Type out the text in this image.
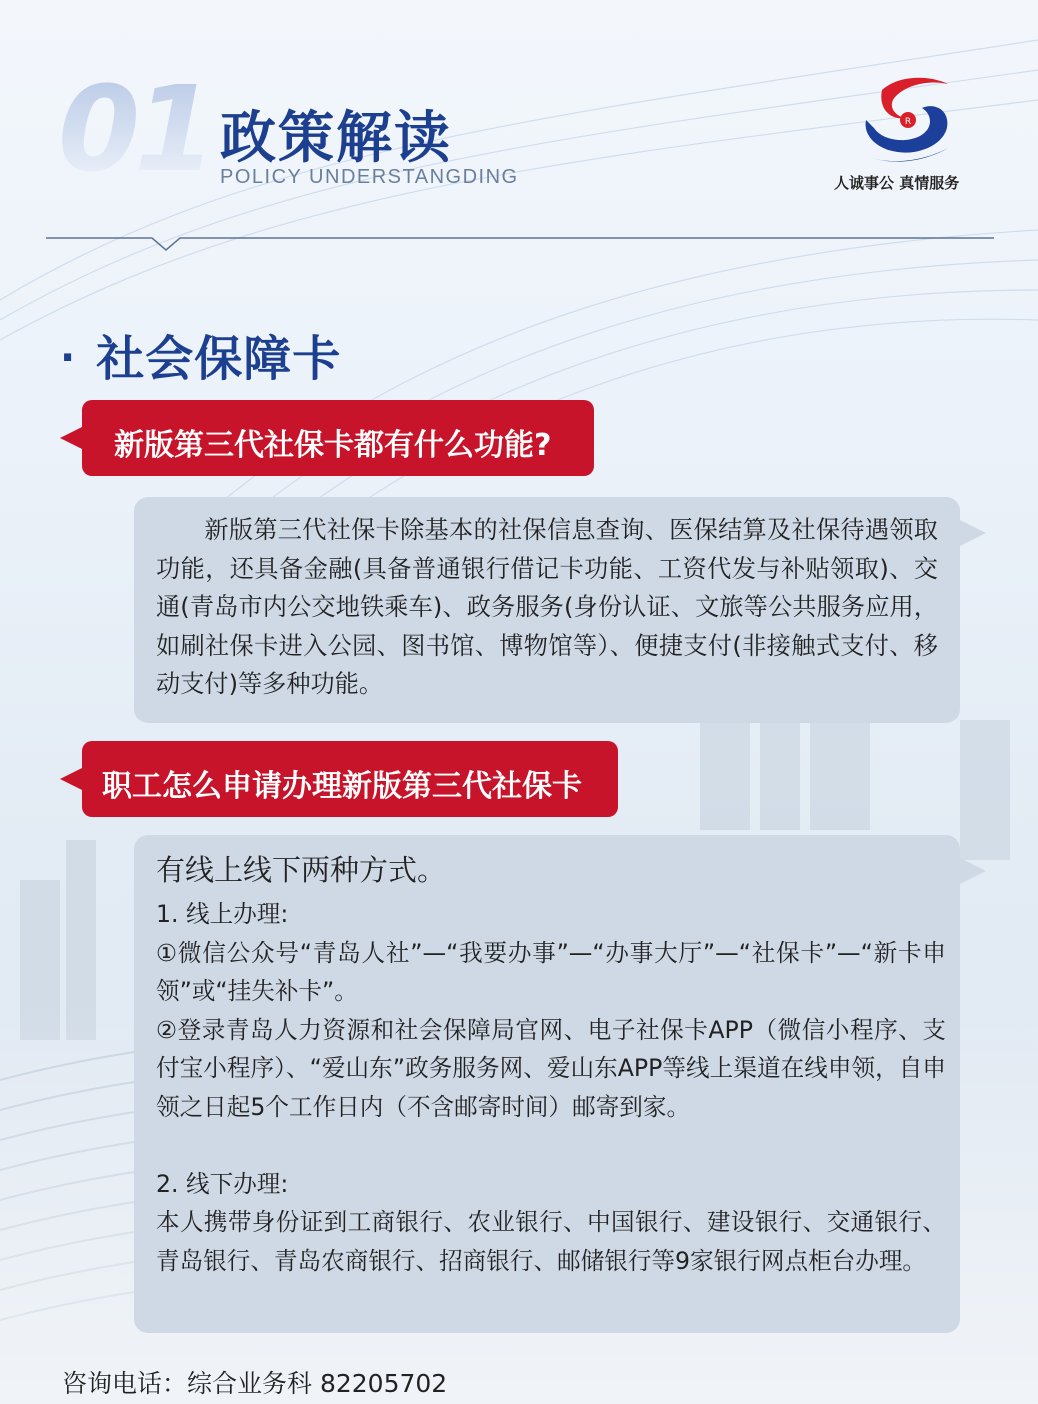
01 政策解读
POLICY UNDERSTANGDING
R
人诚事公 真情服务
· 社会保障卡
新版第三代社保卡都有什么功能?

新版第三代社保卡除基本的社保信息查询、医保结算及社保待遇领取功能，还具备金融(具备普通银行借记卡功能、工资代发与补贴领取)、交通(青岛市内公交地铁乘车)、政务服务(身份认证、文旅等公共服务应用，如刷社保卡进入公园、图书馆、博物馆等）、便捷支付(非接触式支付、移动支付)等多种功能。

职工怎么申请办理新版第三代社保卡

有线上线下两种方式。

1. 线上办理:

①微信公众号“青岛人社”—“我要办事”—“办事大厅”—“社保卡”—“新卡申领”或“挂失补卡”。

②登录青岛人力资源和社会保障局官网、电子社保卡APP（微信小程序、支付宝小程序）、“爱山东”政务服务网、爱山东APP等线上渠道在线申领，自申领之日起5个工作日内（不含邮寄时间）邮寄到家。

2. 线下办理:

本人携带身份证到工商银行、农业银行、中国银行、建设银行、交通银行、青岛银行、青岛农商银行、招商银行、邮储银行等9家银行网点柜台办理。

咨询电话：综合业务科 82205702
